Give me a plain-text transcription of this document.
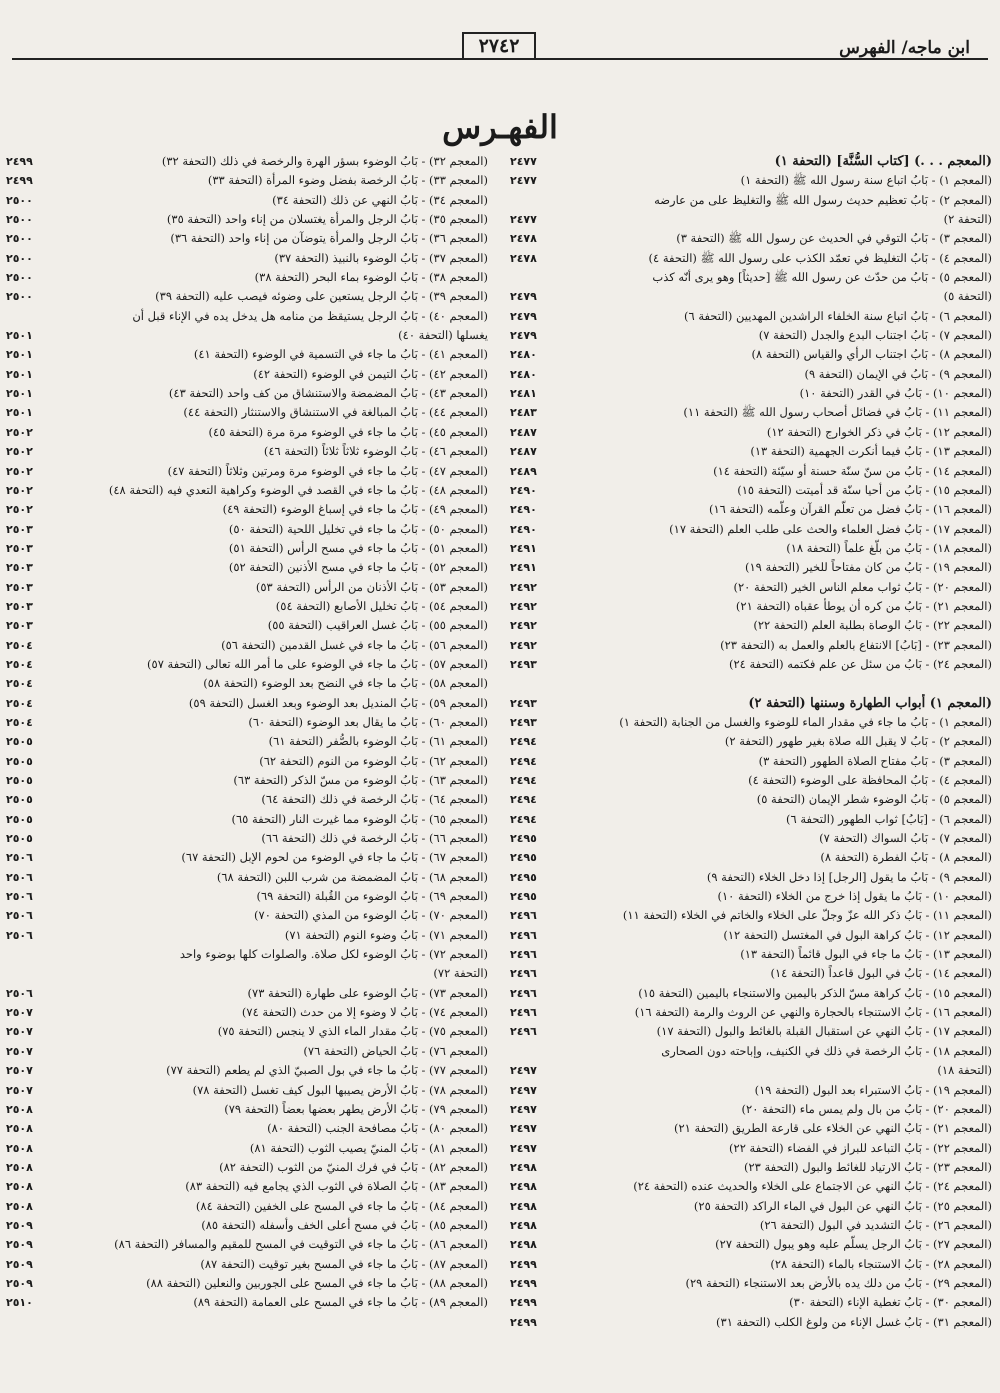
ابن ماجه/ الفهرس
٢٧٤٢
الفهـرس
(المعجم . . .) [كتاب السُّنَّة] (التحفة ١)
٢٤٧٧
(المعجم ١) - بَابُ اتباع سنة رسول الله ﷺ (التحفة ١)
٢٤٧٧
(المعجم ٢) - بَابُ تعظيم حديث رسول الله ﷺ والتغليظ على من عارضه
(التحفة ٢)
٢٤٧٧
(المعجم ٣) - بَابُ التوقي في الحديث عن رسول الله ﷺ (التحفة ٣)
٢٤٧٨
(المعجم ٤) - بَابُ التغليظ في تعمّد الكذب على رسول الله ﷺ (التحفة ٤)
٢٤٧٨
(المعجم ٥) - بَابُ من حدّث عن رسول الله ﷺ [حديثاً] وهو يرى أنّه كذب
(التحفة ٥)
٢٤٧٩
(المعجم ٦) - بَابُ اتباع سنة الخلفاء الراشدين المهديين (التحفة ٦)
٢٤٧٩
(المعجم ٧) - بَابُ اجتناب البدع والجدل (التحفة ٧)
٢٤٧٩
(المعجم ٨) - بَابُ اجتناب الرأي والقياس (التحفة ٨)
٢٤٨٠
(المعجم ٩) - بَابُ في الإيمان (التحفة ٩)
٢٤٨٠
(المعجم ١٠) - بَابُ في القدر (التحفة ١٠)
٢٤٨١
(المعجم ١١) - بَابُ في فضائل أصحاب رسول الله ﷺ (التحفة ١١)
٢٤٨٣
(المعجم ١٢) - بَابُ في ذكر الخوارج (التحفة ١٢)
٢٤٨٧
(المعجم ١٣) - بَابُ فيما أنكرت الجهمية (التحفة ١٣)
٢٤٨٧
(المعجم ١٤) - بَابُ من سنّ سنّة حسنة أو سيّئة (التحفة ١٤)
٢٤٨٩
(المعجم ١٥) - بَابُ من أحيا سنّة قد أميتت (التحفة ١٥)
٢٤٩٠
(المعجم ١٦) - بَابُ فضل من تعلّم القرآن وعلّمه (التحفة ١٦)
٢٤٩٠
(المعجم ١٧) - بَابُ فضل العلماء والحث على طلب العلم (التحفة ١٧)
٢٤٩٠
(المعجم ١٨) - بَابُ من بلّغ علماً (التحفة ١٨)
٢٤٩١
(المعجم ١٩) - بَابُ من كان مفتاحاً للخير (التحفة ١٩)
٢٤٩١
(المعجم ٢٠) - بَابُ ثواب معلم الناس الخير (التحفة ٢٠)
٢٤٩٢
(المعجم ٢١) - بَابُ من كره أن يوطأ عقباه (التحفة ٢١)
٢٤٩٢
(المعجم ٢٢) - بَابُ الوصاة بطلبة العلم (التحفة ٢٢)
٢٤٩٢
(المعجم ٢٣) - [بَابُ] الانتفاع بالعلم والعمل به (التحفة ٢٣)
٢٤٩٢
(المعجم ٢٤) - بَابُ من سئل عن علم فكتمه (التحفة ٢٤)
٢٤٩٣
(المعجم ١) أبواب الطهارة وسننها (التحفة ٢)
٢٤٩٣
(المعجم ١) - بَابُ ما جاء في مقدار الماء للوضوء والغسل من الجنابة (التحفة ١)
٢٤٩٣
(المعجم ٢) - بَابُ لا يقبل الله صلاة بغير طهور (التحفة ٢)
٢٤٩٤
(المعجم ٣) - بَابُ مفتاح الصلاة الطهور (التحفة ٣)
٢٤٩٤
(المعجم ٤) - بَابُ المحافظة على الوضوء (التحفة ٤)
٢٤٩٤
(المعجم ٥) - بَابُ الوضوء شطر الإيمان (التحفة ٥)
٢٤٩٤
(المعجم ٦) - [بَابُ] ثواب الطهور (التحفة ٦)
٢٤٩٤
(المعجم ٧) - بَابُ السواك (التحفة ٧)
٢٤٩٥
(المعجم ٨) - بَابُ الفطرة (التحفة ٨)
٢٤٩٥
(المعجم ٩) - بَابُ ما يقول [الرجل] إذا دخل الخلاء (التحفة ٩)
٢٤٩٥
(المعجم ١٠) - بَابُ ما يقول إذا خرج من الخلاء (التحفة ١٠)
٢٤٩٥
(المعجم ١١) - بَابُ ذكر الله عزّ وجلّ على الخلاء والخاتم في الخلاء (التحفة ١١)
٢٤٩٦
(المعجم ١٢) - بَابُ كراهة البول في المغتسل (التحفة ١٢)
٢٤٩٦
(المعجم ١٣) - بَابُ ما جاء في البول قائماً (التحفة ١٣)
٢٤٩٦
(المعجم ١٤) - بَابُ في البول قاعداً (التحفة ١٤)
٢٤٩٦
(المعجم ١٥) - بَابُ كراهة مسّ الذكر باليمين والاستنجاء باليمين (التحفة ١٥)
٢٤٩٦
(المعجم ١٦) - بَابُ الاستنجاء بالحجارة والنهي عن الروث والرمة (التحفة ١٦)
٢٤٩٦
(المعجم ١٧) - بَابُ النهي عن استقبال القبلة بالغائط والبول (التحفة ١٧)
٢٤٩٦
(المعجم ١٨) - بَابُ الرخصة في ذلك في الكنيف، وإباحته دون الصحارى
(التحفة ١٨)
٢٤٩٧
(المعجم ١٩) - بَابُ الاستبراء بعد البول (التحفة ١٩)
٢٤٩٧
(المعجم ٢٠) - بَابُ من بال ولم يمس ماء (التحفة ٢٠)
٢٤٩٧
(المعجم ٢١) - بَابُ النهي عن الخلاء على قارعة الطريق (التحفة ٢١)
٢٤٩٧
(المعجم ٢٢) - بَابُ التباعد للبراز في الفضاء (التحفة ٢٢)
٢٤٩٧
(المعجم ٢٣) - بَابُ الارتياد للغائط والبول (التحفة ٢٣)
٢٤٩٨
(المعجم ٢٤) - بَابُ النهي عن الاجتماع على الخلاء والحديث عنده (التحفة ٢٤)
٢٤٩٨
(المعجم ٢٥) - بَابُ النهي عن البول في الماء الراكد (التحفة ٢٥)
٢٤٩٨
(المعجم ٢٦) - بَابُ التشديد في البول (التحفة ٢٦)
٢٤٩٨
(المعجم ٢٧) - بَابُ الرجل يسلّم عليه وهو يبول (التحفة ٢٧)
٢٤٩٨
(المعجم ٢٨) - بَابُ الاستنجاء بالماء (التحفة ٢٨)
٢٤٩٩
(المعجم ٢٩) - بَابُ من دلك يده بالأرض بعد الاستنجاء (التحفة ٢٩)
٢٤٩٩
(المعجم ٣٠) - بَابُ تغطية الإناء (التحفة ٣٠)
٢٤٩٩
(المعجم ٣١) - بَابُ غسل الإناء من ولوغ الكلب (التحفة ٣١)
٢٤٩٩
(المعجم ٣٢) - بَابُ الوضوء بسؤر الهرة والرخصة في ذلك (التحفة ٣٢)
٢٤٩٩
(المعجم ٣٣) - بَابُ الرخصة بفضل وضوء المرأة (التحفة ٣٣)
٢٤٩٩
(المعجم ٣٤) - بَابُ النهي عن ذلك (التحفة ٣٤)
٢٥٠٠
(المعجم ٣٥) - بَابُ الرجل والمرأة يغتسلان من إناء واحد (التحفة ٣٥)
٢٥٠٠
(المعجم ٣٦) - بَابُ الرجل والمرأة يتوضآن من إناء واحد (التحفة ٣٦)
٢٥٠٠
(المعجم ٣٧) - بَابُ الوضوء بالنبيذ (التحفة ٣٧)
٢٥٠٠
(المعجم ٣٨) - بَابُ الوضوء بماء البحر (التحفة ٣٨)
٢٥٠٠
(المعجم ٣٩) - بَابُ الرجل يستعين على وضوئه فيصب عليه (التحفة ٣٩)
٢٥٠٠
(المعجم ٤٠) - بَابُ الرجل يستيقظ من منامه هل يدخل يده في الإناء قبل أن
يغسلها (التحفة ٤٠)
٢٥٠١
(المعجم ٤١) - بَابُ ما جاء في التسمية في الوضوء (التحفة ٤١)
٢٥٠١
(المعجم ٤٢) - بَابُ التيمن في الوضوء (التحفة ٤٢)
٢٥٠١
(المعجم ٤٣) - بَابُ المضمضة والاستنشاق من كف واحد (التحفة ٤٣)
٢٥٠١
(المعجم ٤٤) - بَابُ المبالغة في الاستنشاق والاستنثار (التحفة ٤٤)
٢٥٠١
(المعجم ٤٥) - بَابُ ما جاء في الوضوء مرة مرة (التحفة ٤٥)
٢٥٠٢
(المعجم ٤٦) - بَابُ الوضوء ثلاثاً ثلاثاً (التحفة ٤٦)
٢٥٠٢
(المعجم ٤٧) - بَابُ ما جاء في الوضوء مرة ومرتين وثلاثاً (التحفة ٤٧)
٢٥٠٢
(المعجم ٤٨) - بَابُ ما جاء في القصد في الوضوء وكراهية التعدي فيه (التحفة ٤٨)
٢٥٠٢
(المعجم ٤٩) - بَابُ ما جاء في إسباغ الوضوء (التحفة ٤٩)
٢٥٠٢
(المعجم ٥٠) - بَابُ ما جاء في تخليل اللحية (التحفة ٥٠)
٢٥٠٣
(المعجم ٥١) - بَابُ ما جاء في مسح الرأس (التحفة ٥١)
٢٥٠٣
(المعجم ٥٢) - بَابُ ما جاء في مسح الأذنين (التحفة ٥٢)
٢٥٠٣
(المعجم ٥٣) - بَابُ الأذنان من الرأس (التحفة ٥٣)
٢٥٠٣
(المعجم ٥٤) - بَابُ تخليل الأصابع (التحفة ٥٤)
٢٥٠٣
(المعجم ٥٥) - بَابُ غسل العراقيب (التحفة ٥٥)
٢٥٠٣
(المعجم ٥٦) - بَابُ ما جاء في غسل القدمين (التحفة ٥٦)
٢٥٠٤
(المعجم ٥٧) - بَابُ ما جاء في الوضوء على ما أمر الله تعالى (التحفة ٥٧)
٢٥٠٤
(المعجم ٥٨) - بَابُ ما جاء في النضح بعد الوضوء (التحفة ٥٨)
٢٥٠٤
(المعجم ٥٩) - بَابُ المنديل بعد الوضوء وبعد الغسل (التحفة ٥٩)
٢٥٠٤
(المعجم ٦٠) - بَابُ ما يقال بعد الوضوء (التحفة ٦٠)
٢٥٠٤
(المعجم ٦١) - بَابُ الوضوء بالصُّفر (التحفة ٦١)
٢٥٠٥
(المعجم ٦٢) - بَابُ الوضوء من النوم (التحفة ٦٢)
٢٥٠٥
(المعجم ٦٣) - بَابُ الوضوء من مسّ الذكر (التحفة ٦٣)
٢٥٠٥
(المعجم ٦٤) - بَابُ الرخصة في ذلك (التحفة ٦٤)
٢٥٠٥
(المعجم ٦٥) - بَابُ الوضوء مما غيرت النار (التحفة ٦٥)
٢٥٠٥
(المعجم ٦٦) - بَابُ الرخصة في ذلك (التحفة ٦٦)
٢٥٠٥
(المعجم ٦٧) - بَابُ ما جاء في الوضوء من لحوم الإبل (التحفة ٦٧)
٢٥٠٦
(المعجم ٦٨) - بَابُ المضمضة من شرب اللبن (التحفة ٦٨)
٢٥٠٦
(المعجم ٦٩) - بَابُ الوضوء من القُبلة (التحفة ٦٩)
٢٥٠٦
(المعجم ٧٠) - بَابُ الوضوء من المذي (التحفة ٧٠)
٢٥٠٦
(المعجم ٧١) - بَابُ وضوء النوم (التحفة ٧١)
٢٥٠٦
(المعجم ٧٢) - بَابُ الوضوء لكل صلاة. والصلوات كلها بوضوء واحد
(التحفة ٧٢)
(المعجم ٧٣) - بَابُ الوضوء على طهارة (التحفة ٧٣)
٢٥٠٦
(المعجم ٧٤) - بَابُ لا وضوء إلا من حدث (التحفة ٧٤)
٢٥٠٧
(المعجم ٧٥) - بَابُ مقدار الماء الذي لا ينجس (التحفة ٧٥)
٢٥٠٧
(المعجم ٧٦) - بَابُ الحياض (التحفة ٧٦)
٢٥٠٧
(المعجم ٧٧) - بَابُ ما جاء في بول الصبيّ الذي لم يطعم (التحفة ٧٧)
٢٥٠٧
(المعجم ٧٨) - بَابُ الأرض يصيبها البول كيف تغسل (التحفة ٧٨)
٢٥٠٧
(المعجم ٧٩) - بَابُ الأرض يطهر بعضها بعضاً (التحفة ٧٩)
٢٥٠٨
(المعجم ٨٠) - بَابُ مصافحة الجنب (التحفة ٨٠)
٢٥٠٨
(المعجم ٨١) - بَابُ المنيّ يصيب الثوب (التحفة ٨١)
٢٥٠٨
(المعجم ٨٢) - بَابُ في فرك المنيّ من الثوب (التحفة ٨٢)
٢٥٠٨
(المعجم ٨٣) - بَابُ الصلاة في الثوب الذي يجامع فيه (التحفة ٨٣)
٢٥٠٨
(المعجم ٨٤) - بَابُ ما جاء في المسح على الخفين (التحفة ٨٤)
٢٥٠٨
(المعجم ٨٥) - بَابُ في مسح أعلى الخف وأسفله (التحفة ٨٥)
٢٥٠٩
(المعجم ٨٦) - بَابُ ما جاء في التوقيت في المسح للمقيم والمسافر (التحفة ٨٦)
٢٥٠٩
(المعجم ٨٧) - بَابُ ما جاء في المسح بغير توقيت (التحفة ٨٧)
٢٥٠٩
(المعجم ٨٨) - بَابُ ما جاء في المسح على الجوربين والنعلين (التحفة ٨٨)
٢٥٠٩
(المعجم ٨٩) - بَابُ ما جاء في المسح على العمامة (التحفة ٨٩)
٢٥١٠
